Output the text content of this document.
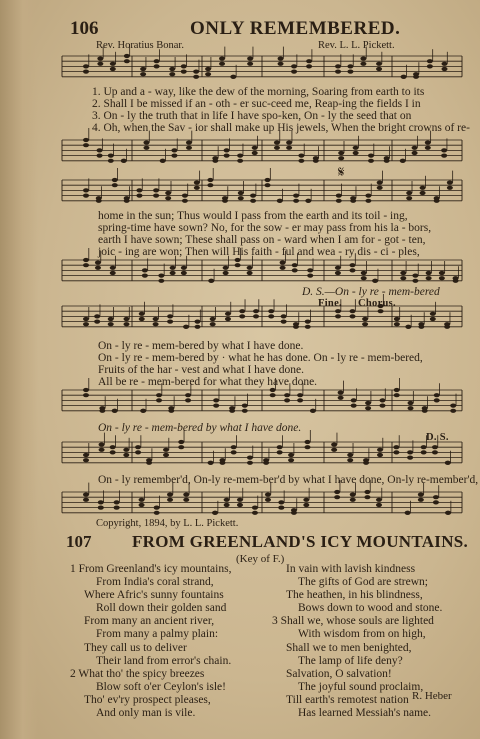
106	ONLY REMEMBERED.
Rev. Horatius Bonar.	Rev. L. L. Pickett.
1. Up and a - way, like the dew of the morning, Soaring from earth to its
2. Shall I be missed if an - oth - er suc-ceed me, Reap-ing the fields I in
3. On - ly the truth that in life I have spo-ken, On - ly the seed that on
4. Oh, when the Sav - ior shall make up His jewels, When the bright crowns of re-
𝄋
home in the sun; Thus would I pass from the earth and its toil - ing,
spring-time have sown? No, for the sow - er may pass from his la - bors,
earth I have sown; These shall pass on - ward when I am for - got - ten,
joic - ing are won; Then will His faith - ful and wea - ry dis - ci - ples,
D. S.—On - ly re - mem-bered
Fine. Chorus.
On - ly re - mem-bered by what I have done.
On - ly re - mem-bered by · what he has done. On - ly re - mem-bered,
Fruits of the har - vest and what I have done.
All be re - mem-bered for what they have done.
On - ly re - mem-bered by what I have done.
D. S.
On - ly remember'd, On-ly re-mem-ber'd by what I have done, On-ly re-member'd,
Copyright, 1894, by L. L. Pickett.
107 FROM GREENLAND'S ICY MOUNTAINS.
(Key of F.)
1 From Greenland's icy mountains,
From India's coral strand,
Where Afric's sunny fountains
Roll down their golden sand
From many an ancient river,
From many a palmy plain:
They call us to deliver
Their land from error's chain.
2 What tho' the spicy breezes
Blow soft o'er Ceylon's isle!
Tho' ev'ry prospect pleases,
And only man is vile.
In vain with lavish kindness
The gifts of God are strewn;
The heathen, in his blindness,
Bows down to wood and stone.
3 Shall we, whose souls are lighted
With wisdom from on high,
Shall we to men benighted,
The lamp of life deny?
Salvation, O salvation!
The joyful sound proclaim,
Till earth's remotest nation
Has learned Messiah's name.
R. Heber
